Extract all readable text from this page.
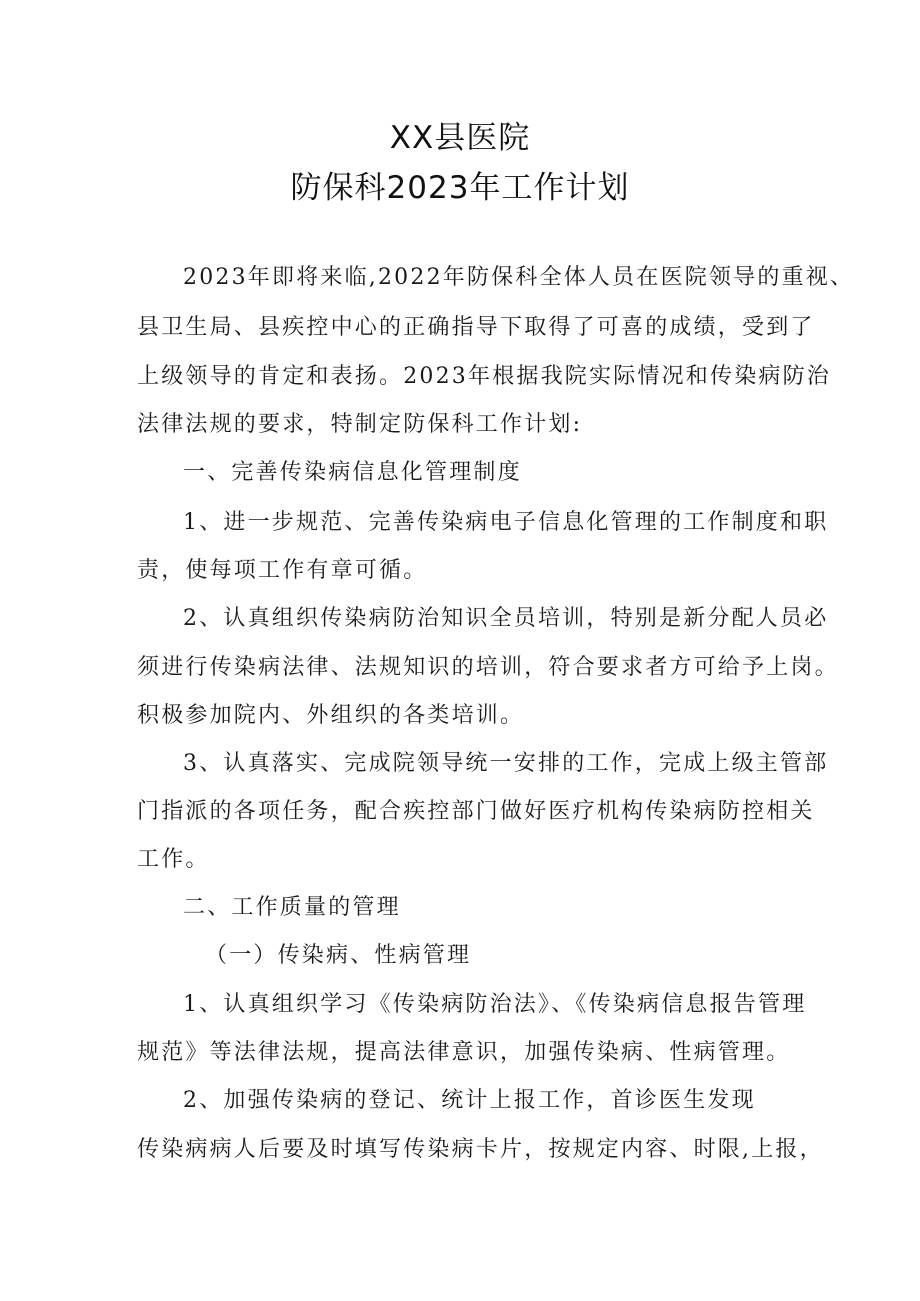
XX县医院
防保科2023年工作计划
2023年即将来临,2022年防保科全体人员在医院领导的重视、
县卫生局、县疾控中心的正确指导下取得了可喜的成绩，受到了
上级领导的肯定和表扬。2023年根据我院实际情况和传染病防治
法律法规的要求，特制定防保科工作计划:
一、完善传染病信息化管理制度
1、进一步规范、完善传染病电子信息化管理的工作制度和职
责，使每项工作有章可循。
2、认真组织传染病防治知识全员培训，特别是新分配人员必
须进行传染病法律、法规知识的培训，符合要求者方可给予上岗。
积极参加院内、外组织的各类培训。
3、认真落实、完成院领导统一安排的工作，完成上级主管部
门指派的各项任务，配合疾控部门做好医疗机构传染病防控相关
工作。
二、工作质量的管理
（一）传染病、性病管理
1、认真组织学习《传染病防治法》、《传染病信息报告管理
规范》等法律法规，提高法律意识，加强传染病、性病管理。
2、加强传染病的登记、统计上报工作，首诊医生发现
传染病病人后要及时填写传染病卡片，按规定内容、时限,上报，
